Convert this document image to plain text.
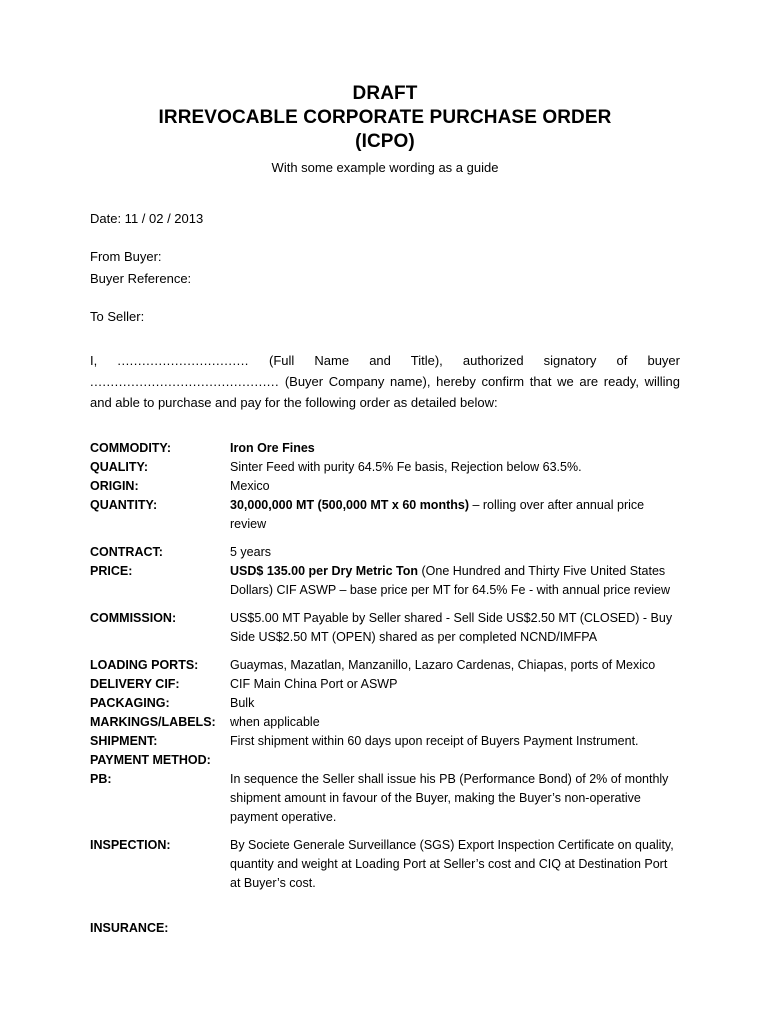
DRAFT
IRREVOCABLE CORPORATE PURCHASE ORDER
(ICPO)
With some example wording as a guide
Date: 11 / 02 / 2013
From Buyer:
Buyer Reference:
To Seller:
I, ................................ (Full Name and Title), authorized signatory of buyer .............................................. (Buyer Company name), hereby confirm that we are ready, willing and able to purchase and pay for the following order as detailed below:
COMMODITY:	Iron Ore Fines
QUALITY:	Sinter Feed with purity 64.5% Fe basis, Rejection below 63.5%.
ORIGIN:	Mexico
QUANTITY:	30,000,000 MT (500,000 MT x 60 months) – rolling over after annual price review
CONTRACT:	5 years
PRICE:	USD$ 135.00 per Dry Metric Ton (One Hundred and Thirty Five United States Dollars) CIF ASWP – base price per MT for 64.5% Fe - with annual price review
COMMISSION:	US$5.00 MT Payable by Seller shared - Sell Side US$2.50 MT (CLOSED) - Buy Side US$2.50 MT (OPEN) shared as per completed NCND/IMFPA
LOADING PORTS:	Guaymas, Mazatlan, Manzanillo, Lazaro Cardenas, Chiapas, ports of Mexico
DELIVERY CIF:	CIF Main China Port or ASWP
PACKAGING:	Bulk
MARKINGS/LABELS:	when applicable
SHIPMENT:	First shipment within 60 days upon receipt of Buyers Payment Instrument.
PAYMENT METHOD:
PB:	In sequence the Seller shall issue his PB (Performance Bond) of 2% of monthly shipment amount in favour of the Buyer, making the Buyer’s non-operative payment operative.
INSPECTION:	By Societe Generale Surveillance (SGS) Export Inspection Certificate on quality, quantity and weight at Loading Port at Seller’s cost and CIQ at Destination Port at Buyer’s cost.
INSURANCE:
